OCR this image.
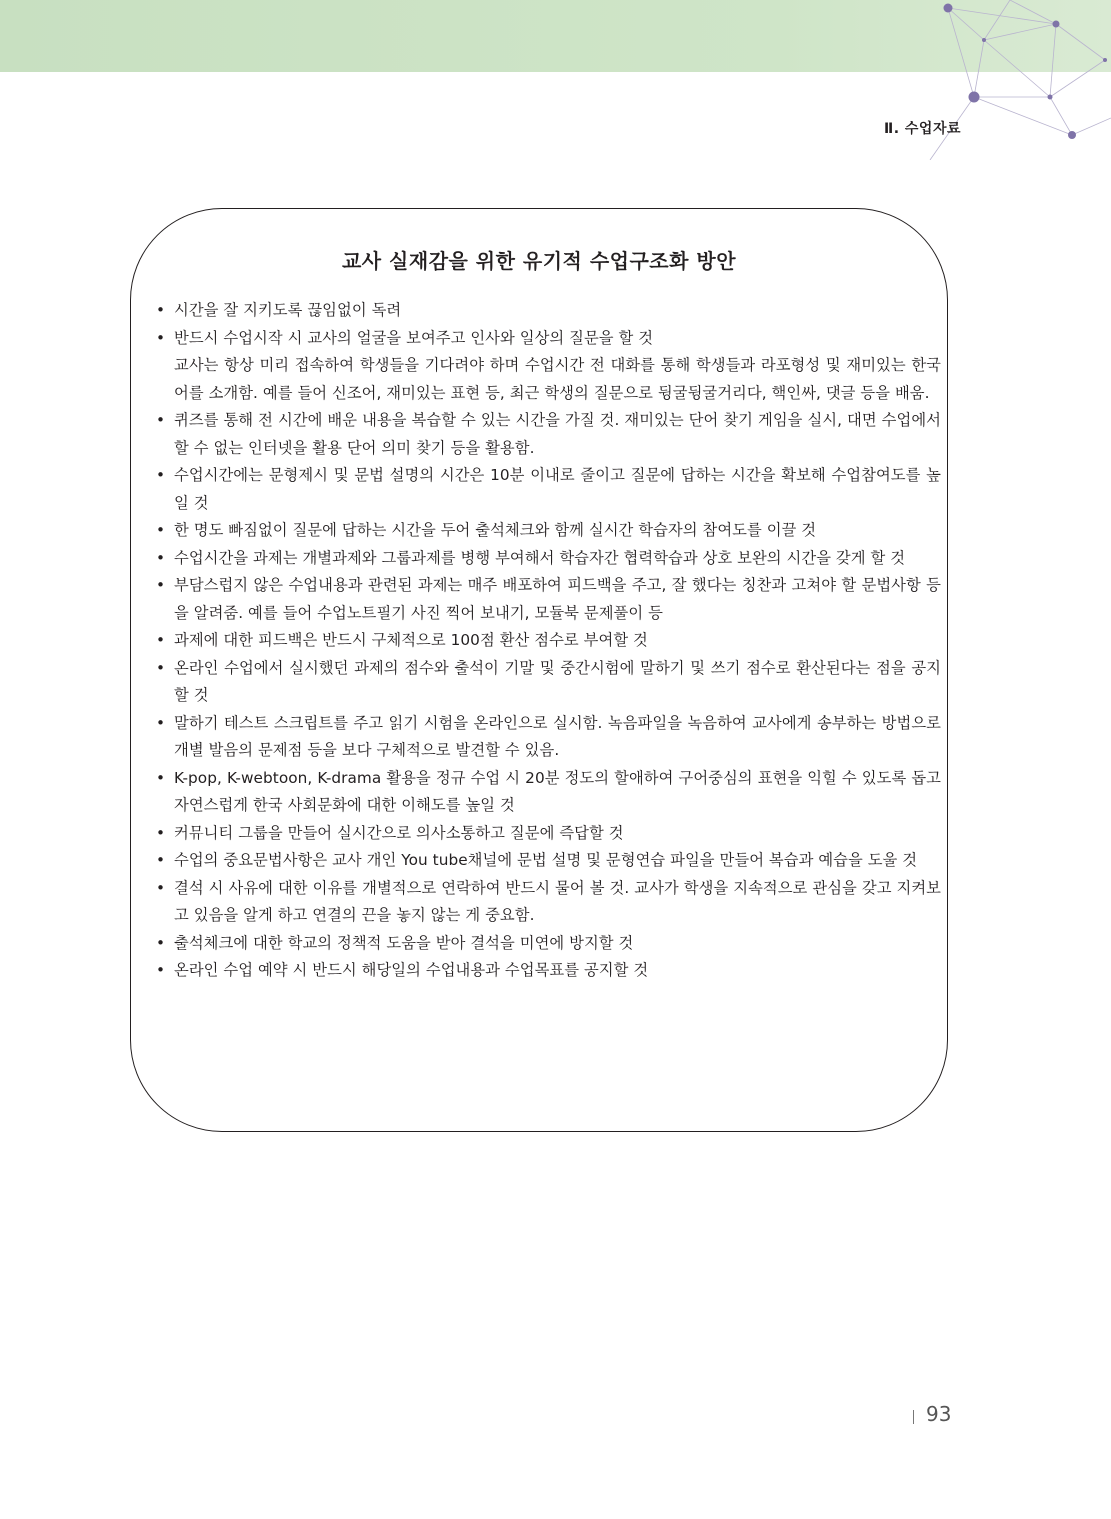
Ⅱ. 수업자료
교사 실재감을 위한 유기적 수업구조화 방안
• 시간을 잘 지키도록 끊임없이 독려
• 반드시 수업시작 시 교사의 얼굴을 보여주고 인사와 일상의 질문을 할 것
교사는 항상 미리 접속하여 학생들을 기다려야 하며 수업시간 전 대화를 통해 학생들과 라포형성 및 재미있는 한국어를 소개함. 예를 들어 신조어, 재미있는 표현 등, 최근 학생의 질문으로 뒹굴뒹굴거리다, 핵인싸, 댓글 등을 배움.
• 퀴즈를 통해 전 시간에 배운 내용을 복습할 수 있는 시간을 가질 것. 재미있는 단어 찾기 게임을 실시, 대면 수업에서 할 수 없는 인터넷을 활용 단어 의미 찾기 등을 활용함.
• 수업시간에는 문형제시 및 문법 설명의 시간은 10분 이내로 줄이고 질문에 답하는 시간을 확보해 수업참여도를 높일 것
• 한 명도 빠짐없이 질문에 답하는 시간을 두어 출석체크와 함께 실시간 학습자의 참여도를 이끌 것
• 수업시간을 과제는 개별과제와 그룹과제를 병행 부여해서 학습자간 협력학습과 상호 보완의 시간을 갖게 할 것
• 부담스럽지 않은 수업내용과 관련된 과제는 매주 배포하여 피드백을 주고, 잘 했다는 칭찬과 고쳐야 할 문법사항 등을 알려줌. 예를 들어 수업노트필기 사진 찍어 보내기, 모듈북 문제풀이 등
• 과제에 대한 피드백은 반드시 구체적으로 100점 환산 점수로 부여할 것
• 온라인 수업에서 실시했던 과제의 점수와 출석이 기말 및 중간시험에 말하기 및 쓰기 점수로 환산된다는 점을 공지할 것
• 말하기 테스트 스크립트를 주고 읽기 시험을 온라인으로 실시함. 녹음파일을 녹음하여 교사에게 송부하는 방법으로 개별 발음의 문제점 등을 보다 구체적으로 발견할 수 있음.
• K-pop, K-webtoon, K-drama 활용을 정규 수업 시 20분 정도의 할애하여 구어중심의 표현을 익힐 수 있도록 돕고 자연스럽게 한국 사회문화에 대한 이해도를 높일 것
• 커뮤니티 그룹을 만들어 실시간으로 의사소통하고 질문에 즉답할 것
• 수업의 중요문법사항은 교사 개인 You tube채널에 문법 설명 및 문형연습 파일을 만들어 복습과 예습을 도울 것
• 결석 시 사유에 대한 이유를 개별적으로 연락하여 반드시 물어 볼 것. 교사가 학생을 지속적으로 관심을 갖고 지켜보고 있음을 알게 하고 연결의 끈을 놓지 않는 게 중요함.
• 출석체크에 대한 학교의 정책적 도움을 받아 결석을 미연에 방지할 것
• 온라인 수업 예약 시 반드시 해당일의 수업내용과 수업목표를 공지할 것
93
